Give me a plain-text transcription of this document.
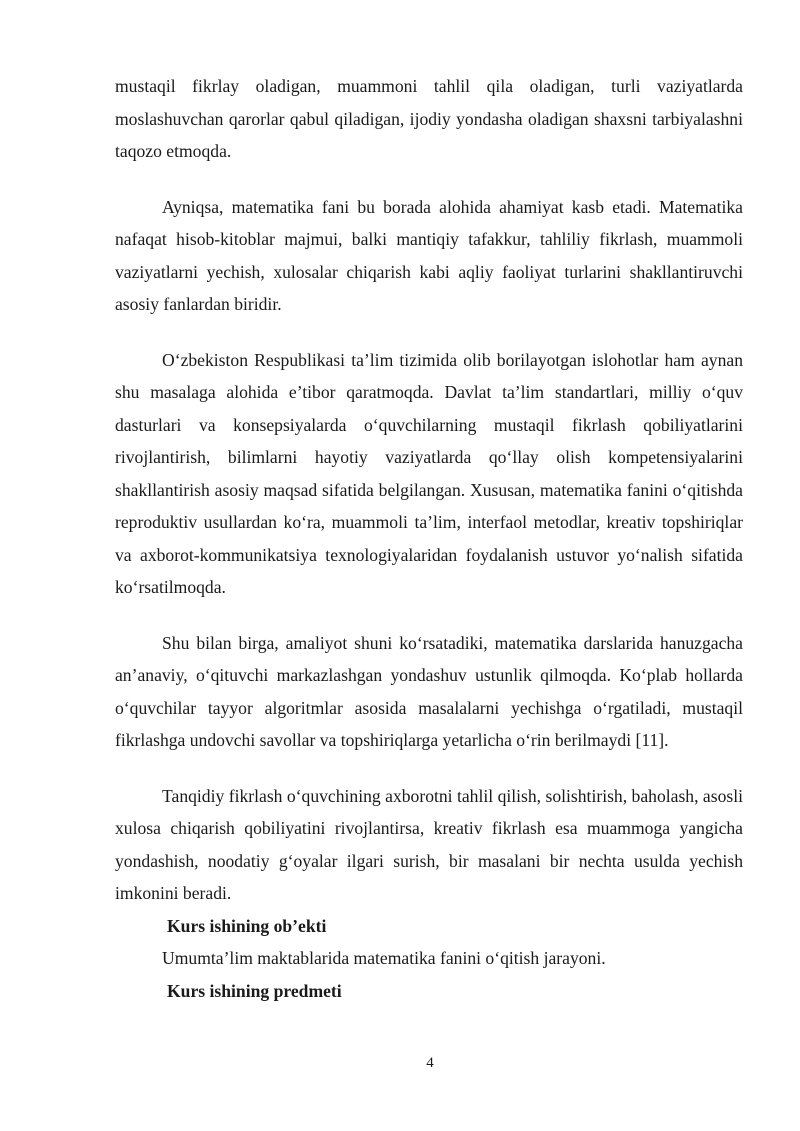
mustaqil fikrlay oladigan, muammoni tahlil qila oladigan, turli vaziyatlarda moslashuvchan qarorlar qabul qiladigan, ijodiy yondasha oladigan shaxsni tarbiyalashni taqozo etmoqda.

Ayniqsa, matematika fani bu borada alohida ahamiyat kasb etadi. Matematika nafaqat hisob-kitoblar majmui, balki mantiqiy tafakkur, tahliliy fikrlash, muammoli vaziyatlarni yechish, xulosalar chiqarish kabi aqliy faoliyat turlarini shakllantiruvchi asosiy fanlardan biridir.

O‘zbekiston Respublikasi ta’lim tizimida olib borilayotgan islohotlar ham aynan shu masalaga alohida e’tibor qaratmoqda. Davlat ta’lim standartlari, milliy o‘quv dasturlari va konsepsiyalarda o‘quvchilarning mustaqil fikrlash qobiliyatlarini rivojlantirish, bilimlarni hayotiy vaziyatlarda qo‘llay olish kompetensiyalarini shakllantirish asosiy maqsad sifatida belgilangan. Xususan, matematika fanini o‘qitishda reproduktiv usullardan ko‘ra, muammoli ta’lim, interfaol metodlar, kreativ topshiriqlar va axborot-kommunikatsiya texnologiyalaridan foydalanish ustuvor yo‘nalish sifatida ko‘rsatilmoqda.

Shu bilan birga, amaliyot shuni ko‘rsatadiki, matematika darslarida hanuzgacha an’anaviy, o‘qituvchi markazlashgan yondashuv ustunlik qilmoqda. Ko‘plab hollarda o‘quvchilar tayyor algoritmlar asosida masalalarni yechishga o‘rgatiladi, mustaqil fikrlashga undovchi savollar va topshiriqlarga yetarlicha o‘rin berilmaydi [11].

Tanqidiy fikrlash o‘quvchining axborotni tahlil qilish, solishtirish, baholash, asosli xulosa chiqarish qobiliyatini rivojlantirsa, kreativ fikrlash esa muammoga yangicha yondashish, noodatiy g‘oyalar ilgari surish, bir masalani bir nechta usulda yechish imkonini beradi.

Kurs ishining ob’ekti

Umumta’lim maktablarida matematika fanini o‘qitish jarayoni.

Kurs ishining predmeti

4
